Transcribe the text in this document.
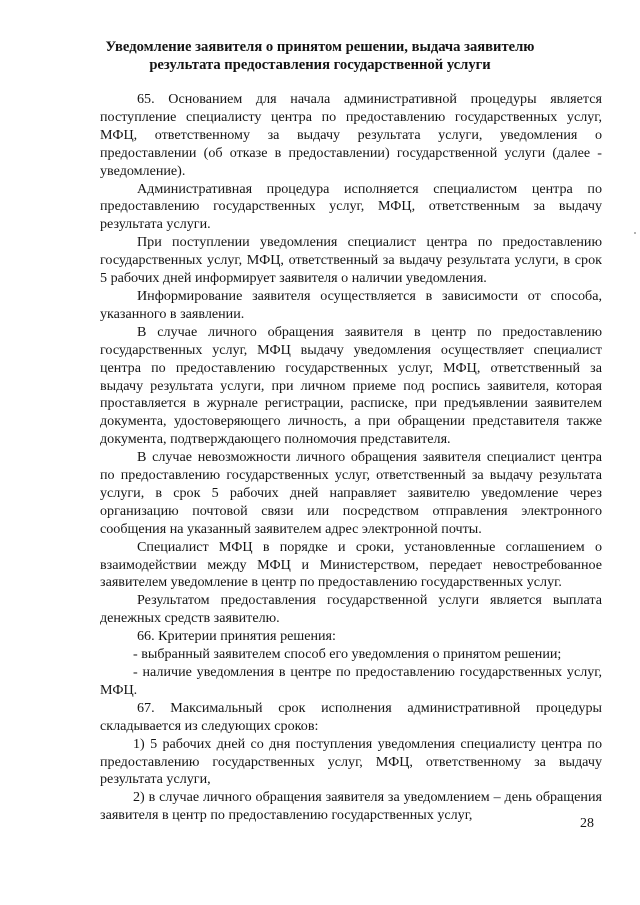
Уведомление заявителя о принятом решении, выдача заявителю
результата предоставления государственной услуги

65. Основанием для начала административной процедуры является поступление специалисту центра по предоставлению государственных услуг, МФЦ, ответственному за выдачу результата услуги, уведомления о предоставлении (об отказе в предоставлении) государственной услуги (далее - уведомление).

Административная процедура исполняется специалистом центра по предоставлению государственных услуг, МФЦ, ответственным за выдачу результата услуги.

При поступлении уведомления специалист центра по предоставлению государственных услуг, МФЦ, ответственный за выдачу результата услуги, в срок 5 рабочих дней информирует заявителя о наличии уведомления.

Информирование заявителя осуществляется в зависимости от способа, указанного в заявлении.

В случае личного обращения заявителя в центр по предоставлению государственных услуг, МФЦ выдачу уведомления осуществляет специалист центра по предоставлению государственных услуг, МФЦ, ответственный за выдачу результата услуги, при личном приеме под роспись заявителя, которая проставляется в журнале регистрации, расписке, при предъявлении заявителем документа, удостоверяющего личность, а при обращении представителя также документа, подтверждающего полномочия представителя.

В случае невозможности личного обращения заявителя специалист центра по предоставлению государственных услуг, ответственный за выдачу результата услуги, в срок 5 рабочих дней направляет заявителю уведомление через организацию почтовой связи или посредством отправления электронного сообщения на указанный заявителем адрес электронной почты.

Специалист МФЦ в порядке и сроки, установленные соглашением о взаимодействии между МФЦ и Министерством, передает невостребованное заявителем уведомление в центр по предоставлению государственных услуг.

Результатом предоставления государственной услуги является выплата денежных средств заявителю.

66. Критерии принятия решения:

- выбранный заявителем способ его уведомления о принятом решении;

- наличие уведомления в центре по предоставлению государственных услуг, МФЦ.

67. Максимальный срок исполнения административной процедуры складывается из следующих сроков:

1) 5 рабочих дней со дня поступления уведомления специалисту центра по предоставлению государственных услуг, МФЦ, ответственному за выдачу результата услуги,

2) в случае личного обращения заявителя за уведомлением – день обращения заявителя в центр по предоставлению государственных услуг,

28
